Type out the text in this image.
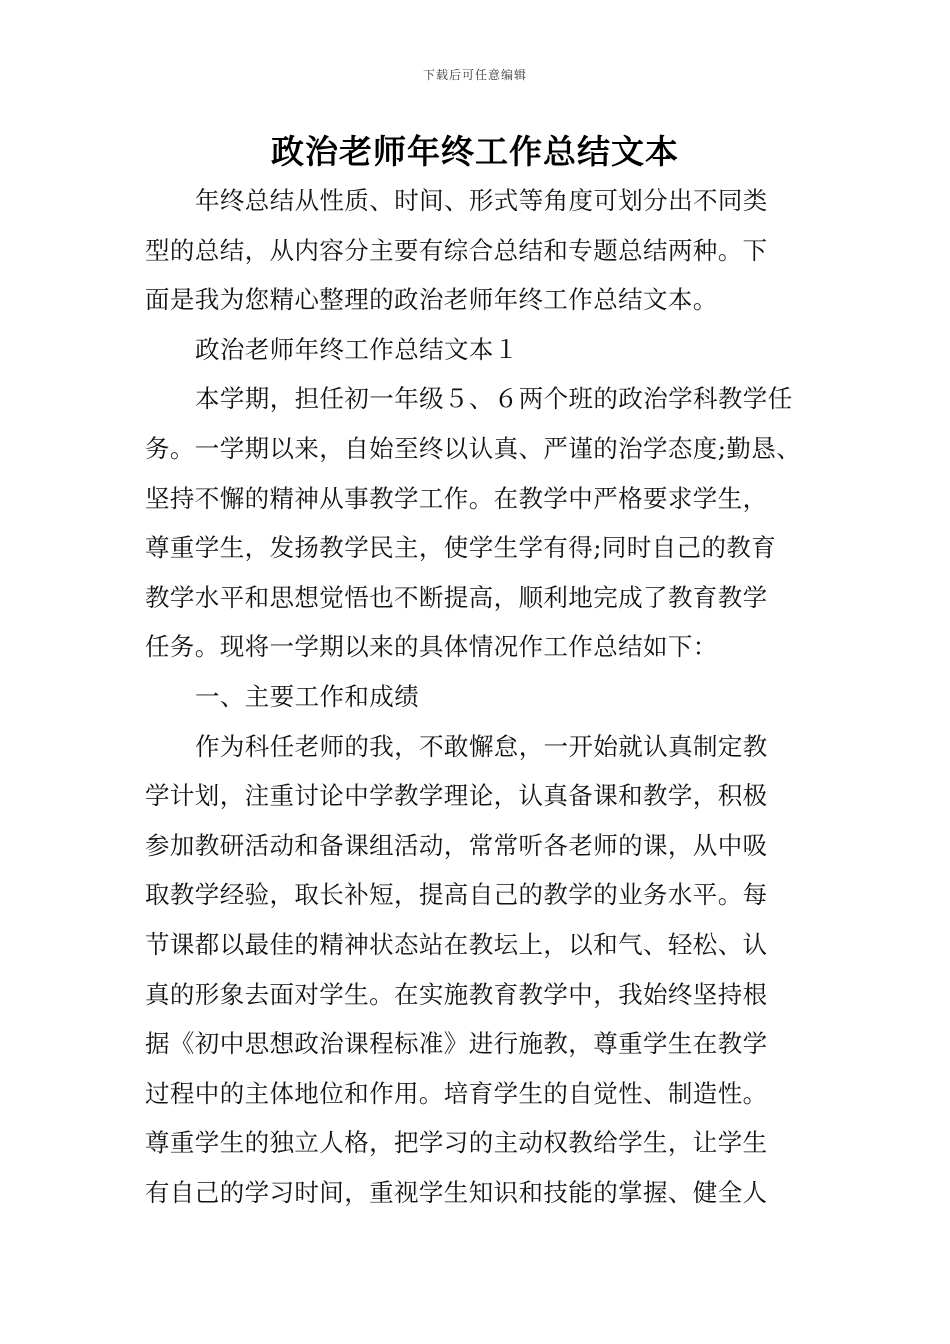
下载后可任意编辑
政治老师年终工作总结文本
年终总结从性质、时间、形式等角度可划分出不同类
型的总结，从内容分主要有综合总结和专题总结两种。下
面是我为您精心整理的政治老师年终工作总结文本。
政治老师年终工作总结文本１
本学期，担任初一年级５、６两个班的政治学科教学任
务。一学期以来，自始至终以认真、严谨的治学态度;勤恳、
坚持不懈的精神从事教学工作。在教学中严格要求学生，
尊重学生，发扬教学民主，使学生学有得;同时自己的教育
教学水平和思想觉悟也不断提高，顺利地完成了教育教学
任务。现将一学期以来的具体情况作工作总结如下：
一、主要工作和成绩
作为科任老师的我，不敢懈怠，一开始就认真制定教
学计划，注重讨论中学教学理论，认真备课和教学，积极
参加教研活动和备课组活动，常常听各老师的课，从中吸
取教学经验，取长补短，提高自己的教学的业务水平。每
节课都以最佳的精神状态站在教坛上，以和气、轻松、认
真的形象去面对学生。在实施教育教学中，我始终坚持根
据《初中思想政治课程标准》进行施教，尊重学生在教学
过程中的主体地位和作用。培育学生的自觉性、制造性。
尊重学生的独立人格，把学习的主动权教给学生，让学生
有自己的学习时间，重视学生知识和技能的掌握、健全人
